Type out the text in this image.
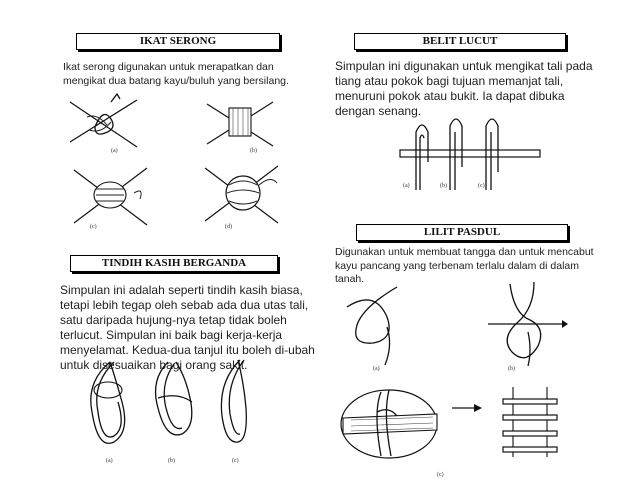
IKAT SERONG
Ikat serong digunakan untuk merapatkan dan mengikat dua batang kayu/buluh yang bersilang.
(a)	(b)
(c)	(d)
BELIT LUCUT
Simpulan ini digunakan untuk mengikat tali pada tiang atau pokok bagi tujuan memanjat tali, menuruni pokok atau bukit. Ia dapat dibuka dengan senang.
(a)	(b)	(c)
TINDIH KASIH BERGANDA
Simpulan ini adalah seperti tindih kasih biasa, tetapi lebih tegap oleh sebab ada dua utas tali, satu daripada hujung-nya tetap tidak boleh terlucut. Simpulan ini baik bagi kerja-kerja menyelamat. Kedua-dua tanjul itu boleh di-ubah untuk disesuaikan bagi orang sakit.
(a)	(b)	(c)
LILIT PASDUL
Digunakan untuk membuat tangga dan untuk mencabut kayu pancang yang terbenam terlalu dalam di dalam tanah.
(a)	(b)
(c)
